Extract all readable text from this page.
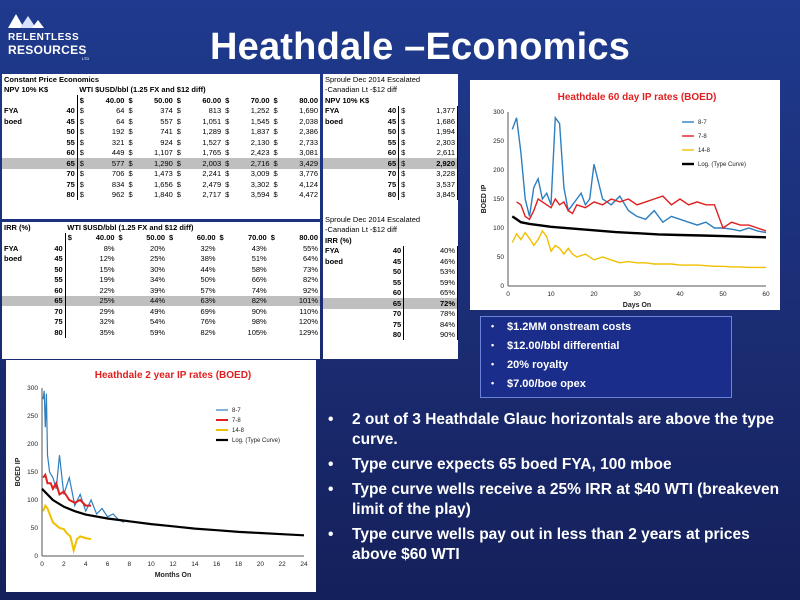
RELENTLESS
RESOURCES
LTD	Heathdale –Economics
Constant Price Economics												
NPV 10% K$			WTI $USD/bbl (1.25 FX and $12 diff)									
			$	40.00	$	50.00	$	60.00	$	70.00	$	80.00
FYA		40	$	64	$	374	$	813	$	1,252	$	1,690
boed		45	$	64	$	557	$	1,051	$	1,545	$	2,038
		50	$	192	$	741	$	1,289	$	1,837	$	2,386
		55	$	321	$	924	$	1,527	$	2,130	$	2,733
		60	$	449	$	1,107	$	1,765	$	2,423	$	3,081
		65	$	577	$	1,290	$	2,003	$	2,716	$	3,429
		70	$	706	$	1,473	$	2,241	$	3,009	$	3,776
		75	$	834	$	1,656	$	2,479	$	3,302	$	4,124
		80	$	962	$	1,840	$	2,717	$	3,594	$	4,472
Sproule Dec 2014 Escalated			
-Canadian Lt -$12 diff			
NPV 10% K$			
FYA	40	$	1,377
boed	45	$	1,686
	50	$	1,994
	55	$	2,303
	60	$	2,611
	65	$	2,920
	70	$	3,228
	75	$	3,537
	80	$	3,845
IRR (%)			WTI $USD/bbl (1.25 FX and $12 diff)									
			$	40.00	$	50.00	$	60.00	$	70.00	$	80.00
FYA		40		8%		20%		32%		43%		55%
boed		45		12%		25%		38%		51%		64%
		50		15%		30%		44%		58%		73%
		55		19%		34%		50%		66%		82%
		60		22%		39%		57%		74%		92%
		65		25%		44%		63%		82%		101%
		70		29%		49%		69%		90%		110%
		75		32%		54%		76%		98%		120%
		80		35%		59%		82%		105%		129%
Sproule Dec 2014 Escalated			
-Canadian Lt -$12 diff			
IRR (%)			
FYA	40		40%
boed	45		46%
	50		53%
	55		59%
	60		65%
	65		72%
	70		78%
	75		84%
	80		90%
Heathdale 60 day IP rates (BOED)
0	10	20	30	40	50	60
0
50
100
150
200
250
300
Days On
BOED IP
8-7
7-8
14-8
Log. (Type Curve)
Heathdale 2 year IP rates (BOED)
0	2	4	6	8	10 12 14 16 18 20 22 24
0
50
100
150
200
250
300
Months On
BOED IP
8-7
7-8
14-8
Log. (Type Curve)
• $1.2MM onstream costs
• $12.00/bbl differential
• 20% royalty
• $7.00/boe opex
• 2 out of 3 Heathdale Glauc horizontals are above the type curve.
• Type curve expects 65 boed FYA, 100 mboe
• Type curve wells receive a 25% IRR at $40 WTI (breakeven limit of the play)
• Type curve wells pay out in less than 2 years at prices above $60 WTI
